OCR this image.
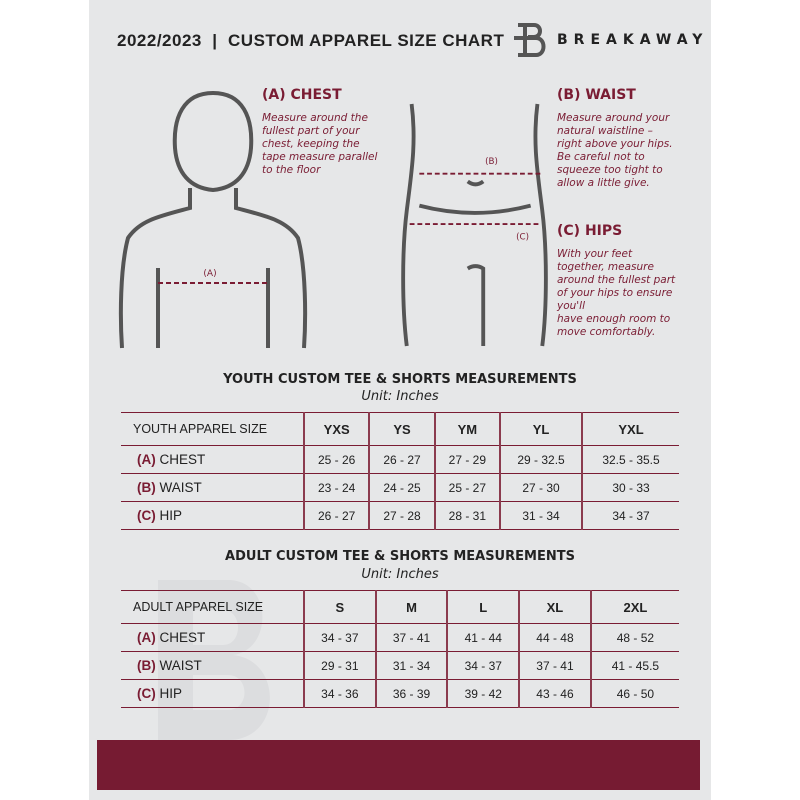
2022/2023  |  CUSTOM APPAREL SIZE CHART	BREAKAWAY
(A)
(A) CHEST
Measure around the
fullest part of your
chest, keeping the
tape measure parallel
to the floor
(B)
(C)
(B) WAIST
Measure around your
natural waistline –
right above your hips.
Be careful not to
squeeze too tight to
allow a little give.
(C) HIPS
With your feet
together, measure
around the fullest part
of your hips to ensure
you'll
have enough room to
move comfortably.
YOUTH CUSTOM TEE & SHORTS MEASUREMENTS
Unit: Inches
YOUTH APPAREL SIZE	YXS	YS	YM	YL	YXL
(A) CHEST	25 - 26	26 - 27	27 - 29	29 - 32.5	32.5 - 35.5
(B) WAIST	23 - 24	24 - 25	25 - 27	27 - 30	30 - 33
(C) HIP	26 - 27	27 - 28	28 - 31	31 - 34	34 - 37
ADULT CUSTOM TEE & SHORTS MEASUREMENTS
Unit: Inches
ADULT APPAREL SIZE	S	M	L	XL	2XL
(A) CHEST	34 - 37	37 - 41	41 - 44	44 - 48	48 - 52
(B) WAIST	29 - 31	31 - 34	34 - 37	37 - 41	41 - 45.5
(C) HIP	34 - 36	36 - 39	39 - 42	43 - 46	46 - 50
